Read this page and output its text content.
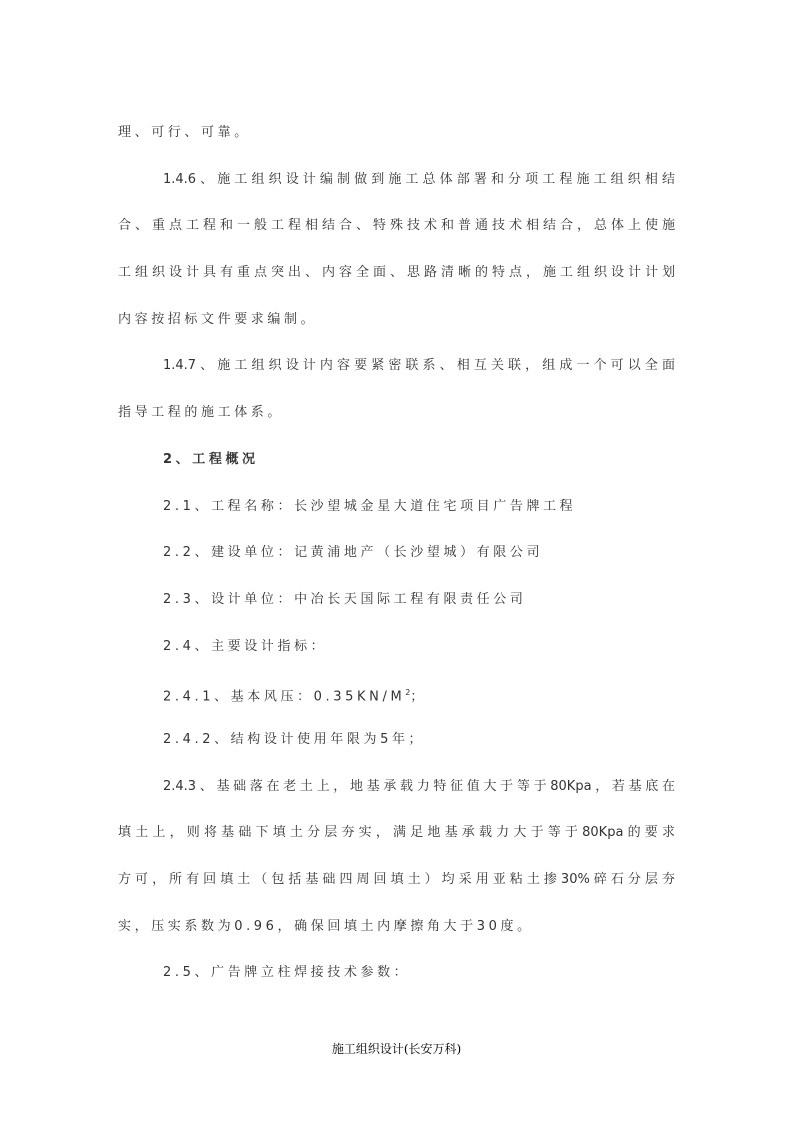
理、可行、可靠。
1.4.6、施工组织设计编制做到施工总体部署和分项工程施工组织相结
合、重点工程和一般工程相结合、特殊技术和普通技术相结合，总体上使施
工组织设计具有重点突出、内容全面、思路清晰的特点，施工组织设计计划
内容按招标文件要求编制。
1.4.7、施工组织设计内容要紧密联系、相互关联，组成一个可以全面
指导工程的施工体系。
2、工程概况
2.1、工程名称：长沙望城金星大道住宅项目广告牌工程
2.2、建设单位：记黄浦地产（长沙望城）有限公司
2.3、设计单位：中冶长天国际工程有限责任公司
2.4、主要设计指标：
2.4.1、基本风压：$0.35KN/M^2$；
2.4.2、结构设计使用年限为5年；
2.4.3、基础落在老土上，地基承载力特征值大于等于80Kpa，若基底在
填土上，则将基础下填土分层夯实，满足地基承载力大于等于80Kpa的要求
方可，所有回填土（包括基础四周回填土）均采用亚粘土掺30%碎石分层夯
实，压实系数为0.96，确保回填土内摩擦角大于30度。
2.5、广告牌立柱焊接技术参数：
施工组织设计(长安万科)
